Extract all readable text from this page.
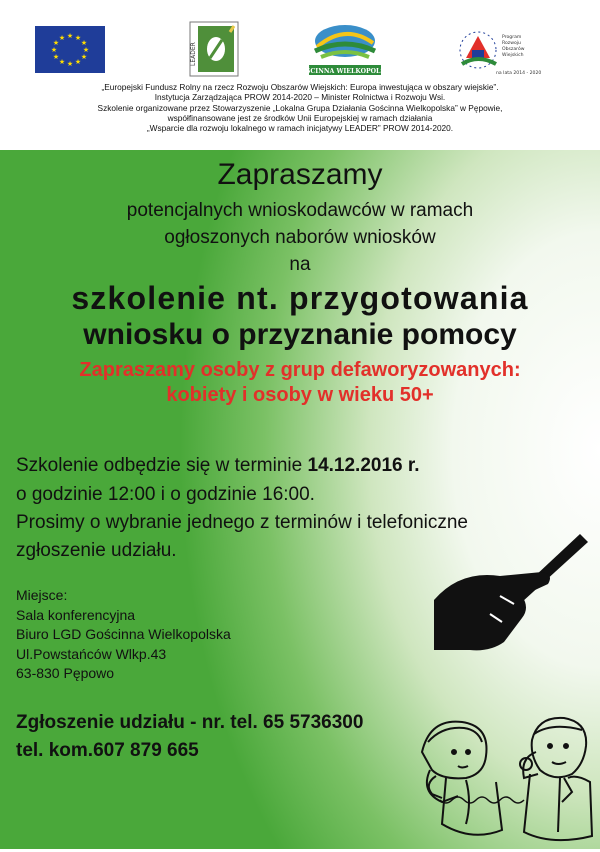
★ ★
★
★
★
★
★
★
★
★
★
★
LEADER
GOŚCINNA WIELKOPOLSKA
Program
Rozwoju
Obszarów
Wiejskich
na lata 2014 - 2020
„Europejski Fundusz Rolny na rzecz Rozwoju Obszarów Wiejskich: Europa inwestująca w obszary wiejskie”.
Instytucja Zarządzająca PROW 2014-2020 – Minister Rolnictwa i Rozwoju Wsi.
Szkolenie organizowane przez Stowarzyszenie „Lokalna Grupa Działania Gościnna Wielkopolska” w Pępowie,
współfinansowane jest ze środków Unii Europejskiej w ramach działania
„Wsparcie dla rozwoju lokalnego w ramach inicjatywy LEADER” PROW 2014-2020.
Zapraszamy
potencjalnych wnioskodawców w ramach
ogłoszonych naborów wniosków
na
szkolenie nt. przygotowania
wniosku o przyznanie pomocy
Zapraszamy osoby z grup defaworyzowanych:
kobiety i osoby w wieku 50+
Szkolenie odbędzie się w terminie 14.12.2016 r.
o godzinie 12:00 i o godzinie 16:00.
Prosimy o wybranie jednego z terminów i telefoniczne
zgłoszenie udziału.
Miejsce:
Sala konferencyjna
Biuro LGD Gościnna Wielkopolska
Ul.Powstańców Wlkp.43
63-830 Pępowo
Zgłoszenie udziału - nr. tel. 65 5736300
tel. kom.607 879 665
